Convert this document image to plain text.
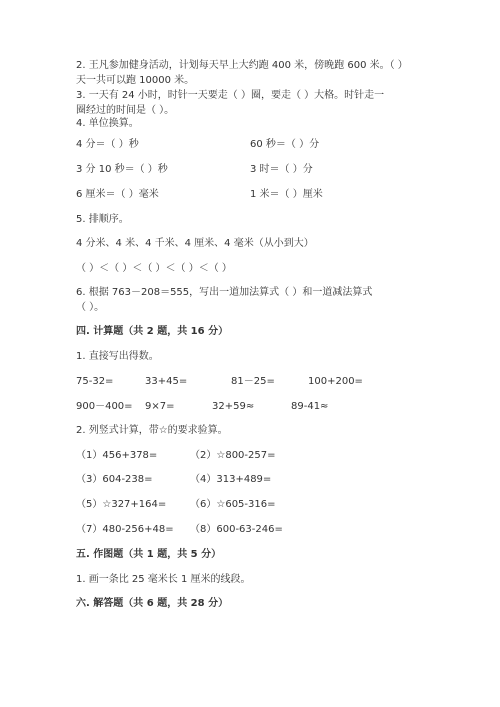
2. 王凡参加健身活动，计划每天早上大约跑 400 米，傍晚跑 600 米。（ ）
天一共可以跑 10000 米。
3. 一天有 24 小时，时针一天要走（ ）圈，要走（ ）大格。时针走一
圈经过的时间是（ ）。
4. 单位换算。
4 分＝（ ）秒	60 秒＝（ ）分
3 分 10 秒＝（ ）秒	3 时＝（ ）分
6 厘米＝（ ）毫米	1 米＝（ ）厘米
5. 排顺序。
4 分米、4 米、4 千米、4 厘米、4 毫米（从小到大）
（ ）＜（ ）＜（ ）＜（ ）＜（ ）
6. 根据 763－208＝555，写出一道加法算式（ ）和一道减法算式
（ ）。
四. 计算题（共 2 题，共 16 分）
1. 直接写出得数。
75-32=	33+45=	81－25=	100+200=
900－400= 9×7=	32+59≈	89-41≈
2. 列竖式计算，带☆的要求验算。
（1）456+378=	（2）☆800-257=
（3）604-238=	（4）313+489=
（5）☆327+164= （6）☆605-316=
（7）480-256+48= （8）600-63-246=
五. 作图题（共 1 题，共 5 分）
1. 画一条比 25 毫米长 1 厘米的线段。
六. 解答题（共 6 题，共 28 分）
